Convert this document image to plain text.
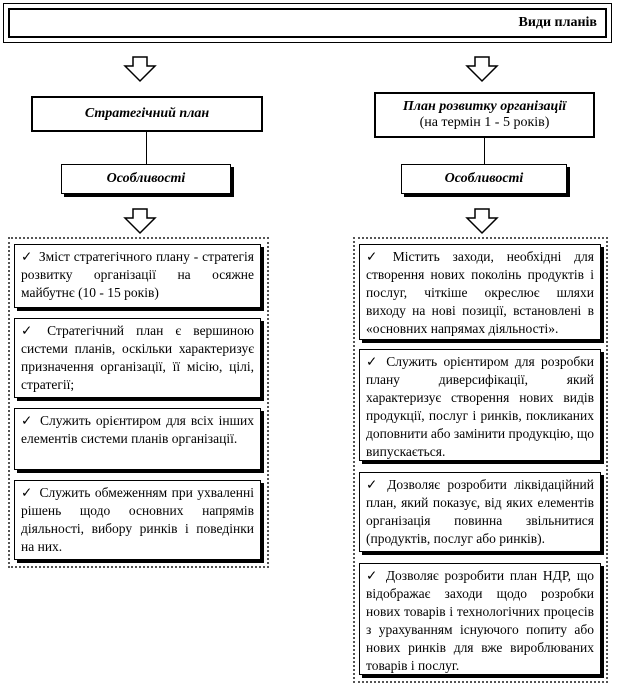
Види планів
Стратегічний план	План розвитку організації
(на термін 1 - 5 років)
Особливості	Особливості
✓ Зміст стратегічного плану - стратегія розвитку організації на осяжне майбутнє (10 - 15 років)
✓ Стратегічний план є вершиною системи планів, оскільки характеризує призначення організації, її місію, цілі, стратегії;
✓ Служить орієнтиром для всіх інших елементів системи планів організації.
✓ Служить обмеженням при ухваленні рішень щодо основних напрямів діяльності, вибору ринків і поведінки на них.
✓ Містить заходи, необхідні для створення нових поколінь продуктів і послуг, чіткіше окреслює шляхи виходу на нові позиції, встановлені в «основних напрямах діяльності».
✓ Служить орієнтиром для розробки плану диверсифікації, який характеризує створення нових видів продукції, послуг і ринків, покликаних доповнити або замінити продукцію, що випускається.
✓ Дозволяє розробити ліквідаційний план, який показує, від яких елементів організація повинна звільнитися (продуктів, послуг або ринків).
✓ Дозволяє розробити план НДР, що відображає заходи щодо розробки нових товарів і технологічних процесів з урахуванням існуючого попиту або нових ринків для вже вироблюваних товарів і послуг.
